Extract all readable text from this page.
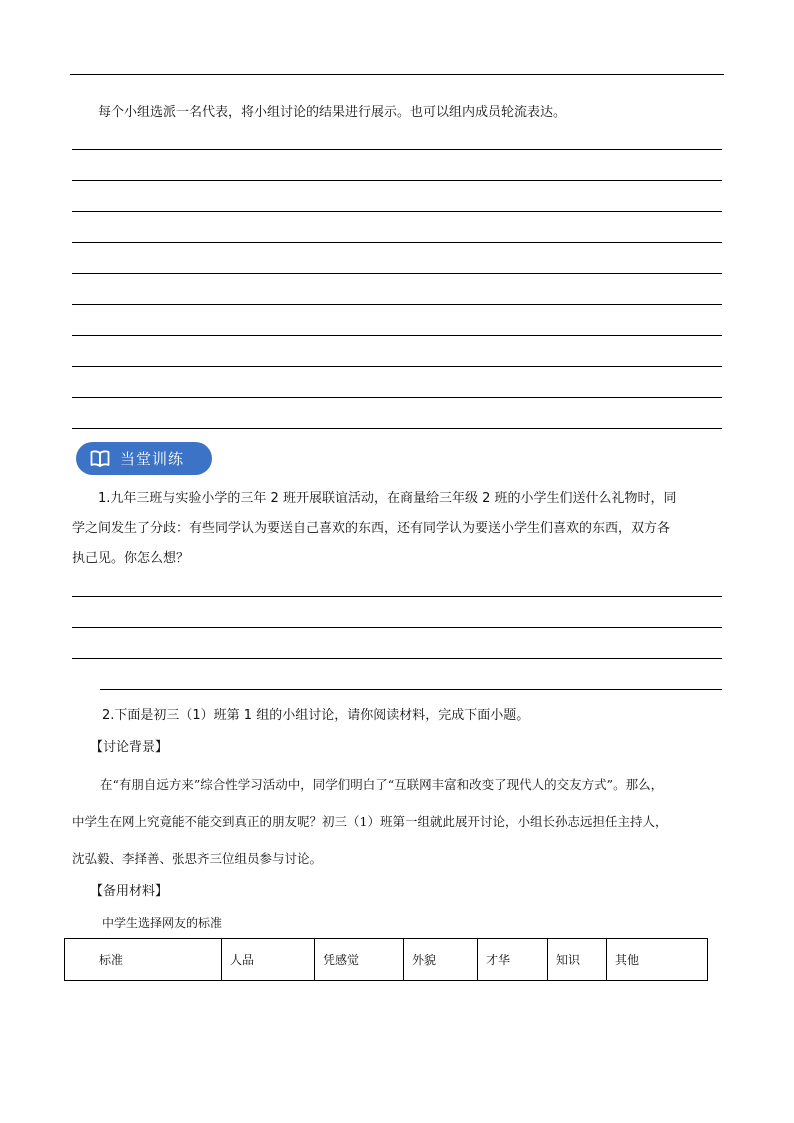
每个小组选派一名代表，将小组讨论的结果进行展示。也可以组内成员轮流表达。
当堂训练
1.九年三班与实验小学的三年 2 班开展联谊活动，在商量给三年级 2 班的小学生们送什么礼物时，同
学之间发生了分歧：有些同学认为要送自己喜欢的东西，还有同学认为要送小学生们喜欢的东西，双方各
执己见。你怎么想？
2.下面是初三（1）班第 1 组的小组讨论，请你阅读材料，完成下面小题。
【讨论背景】
在“有朋自远方来”综合性学习活动中，同学们明白了“互联网丰富和改变了现代人的交友方式”。那么，
中学生在网上究竟能不能交到真正的朋友呢？初三（1）班第一组就此展开讨论，小组长孙志远担任主持人，
沈弘毅、李择善、张思齐三位组员参与讨论。
【备用材料】
中学生选择网友的标准
标准	人品	凭感觉	外貌	才华	知识	其他
